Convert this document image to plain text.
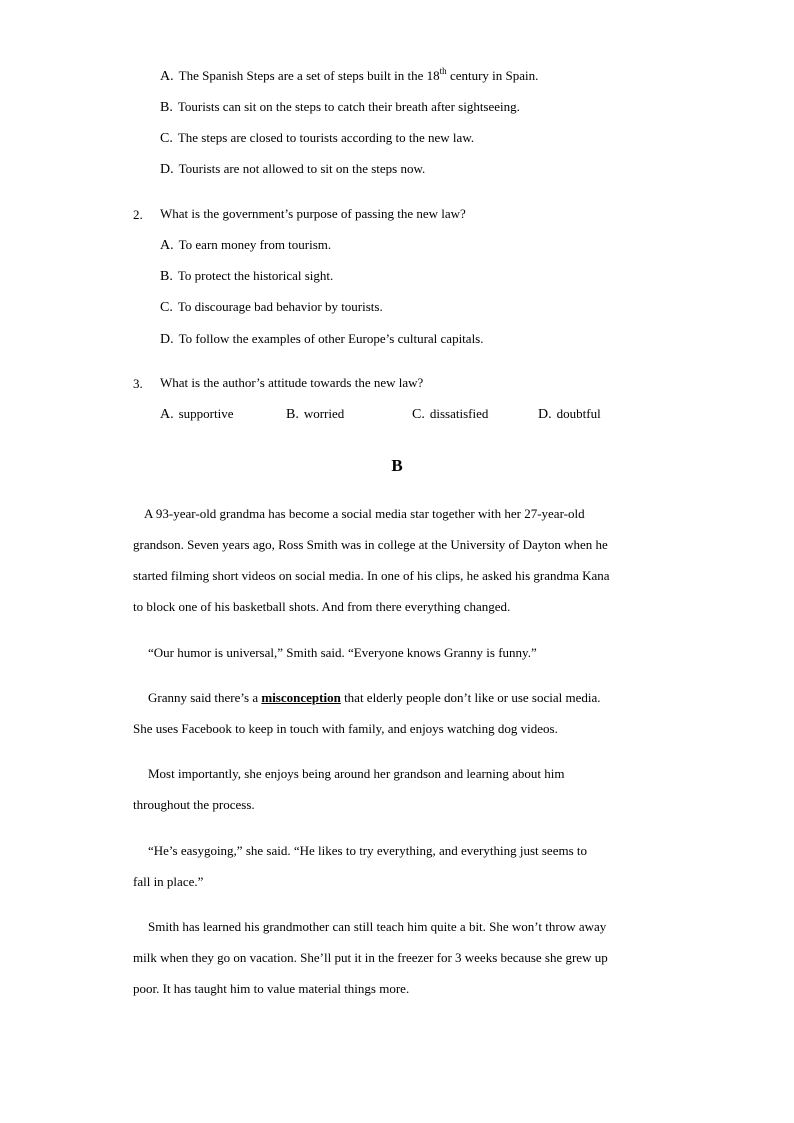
A. The Spanish Steps are a set of steps built in the 18th century in Spain.
B. Tourists can sit on the steps to catch their breath after sightseeing.
C. The steps are closed to tourists according to the new law.
D. Tourists are not allowed to sit on the steps now.
2. What is the government’s purpose of passing the new law?
A. To earn money from tourism.
B. To protect the historical sight.
C. To discourage bad behavior by tourists.
D. To follow the examples of other Europe’s cultural capitals.
3. What is the author’s attitude towards the new law?
A. supportive	B. worried	C. dissatisfied	D. doubtful
B
A 93-year-old grandma has become a social media star together with her 27-year-old
grandson. Seven years ago, Ross Smith was in college at the University of Dayton when he
started filming short videos on social media. In one of his clips, he asked his grandma Kana
to block one of his basketball shots. And from there everything changed.
“Our humor is universal,” Smith said. “Everyone knows Granny is funny.”
Granny said there’s a misconception that elderly people don’t like or use social media.
She uses Facebook to keep in touch with family, and enjoys watching dog videos.
Most importantly, she enjoys being around her grandson and learning about him
throughout the process.
“He’s easygoing,” she said. “He likes to try everything, and everything just seems to
fall in place.”
Smith has learned his grandmother can still teach him quite a bit. She won’t throw away
milk when they go on vacation. She’ll put it in the freezer for 3 weeks because she grew up
poor. It has taught him to value material things more.
